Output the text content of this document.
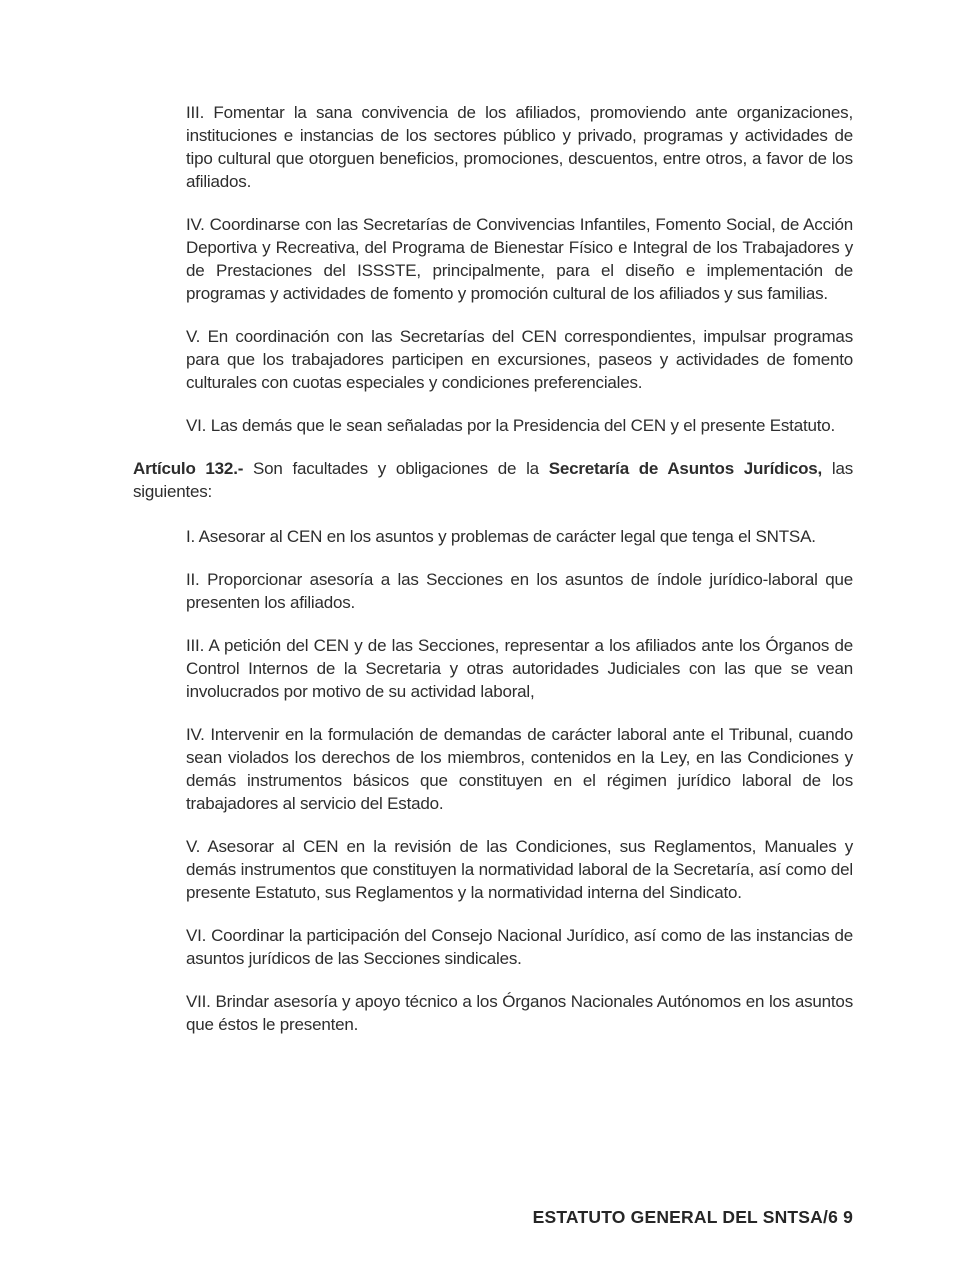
III. Fomentar la sana convivencia de los afiliados, promoviendo ante organizaciones, instituciones e instancias de los sectores público y privado, programas y actividades de tipo cultural que otorguen beneficios, promociones, descuentos, entre otros, a favor de los afiliados.

IV. Coordinarse con las Secretarías de Convivencias Infantiles, Fomento Social, de Acción Deportiva y Recreativa, del Programa de Bienestar Físico e Integral de los Trabajadores y de Prestaciones del ISSSTE, principalmente, para el diseño e implementación de programas y actividades de fomento y promoción cultural de los afiliados y sus familias.

V. En coordinación con las Secretarías del CEN correspondientes, impulsar programas para que los trabajadores participen en excursiones, paseos y actividades de fomento culturales con cuotas especiales y condiciones preferenciales.

VI. Las demás que le sean señaladas por la Presidencia del CEN y el presente Estatuto.

Artículo 132.- Son facultades y obligaciones de la Secretaría de Asuntos Jurídicos, las siguientes:

I. Asesorar al CEN en los asuntos y problemas de carácter legal que tenga el SNTSA.

II. Proporcionar asesoría a las Secciones en los asuntos de índole jurídico-laboral que presenten los afiliados.

III. A petición del CEN y de las Secciones, representar a los afiliados ante los Órganos de Control Internos de la Secretaria y otras autoridades Judiciales con las que se vean involucrados por motivo de su actividad laboral,

IV. Intervenir en la formulación de demandas de carácter laboral ante el Tribunal, cuando sean violados los derechos de los miembros, contenidos en la Ley, en las Condiciones y demás instrumentos básicos que constituyen en el régimen jurídico laboral de los trabajadores al servicio del Estado.

V. Asesorar al CEN en la revisión de las Condiciones, sus Reglamentos, Manuales y demás instrumentos que constituyen la normatividad laboral de la Secretaría, así como del presente Estatuto, sus Reglamentos y la normatividad interna del Sindicato.

VI. Coordinar la participación del Consejo Nacional Jurídico, así como de las instancias de asuntos jurídicos de las Secciones sindicales.

VII. Brindar asesoría y apoyo técnico a los Órganos Nacionales Autónomos en los asuntos que éstos le presenten.

ESTATUTO GENERAL DEL SNTSA/6 9
